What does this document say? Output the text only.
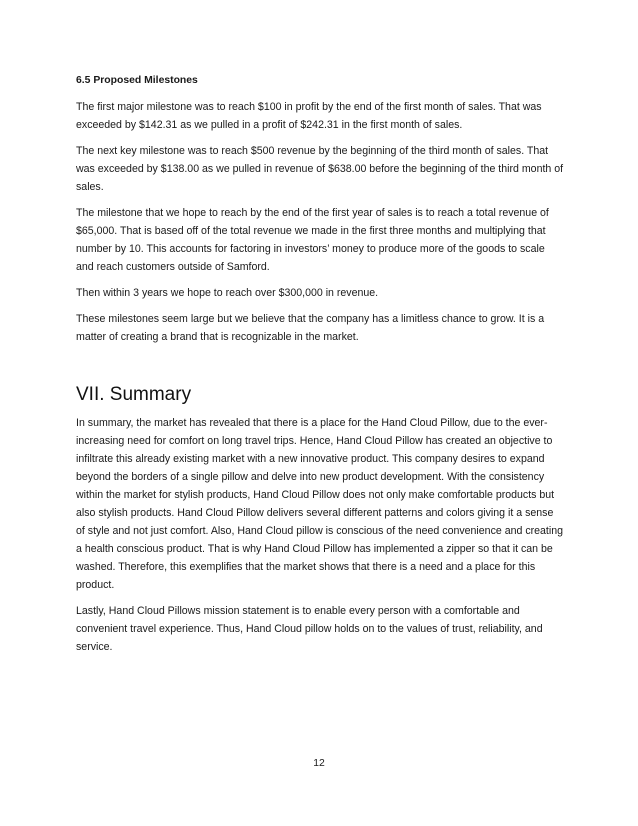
6.5 Proposed Milestones

The first major milestone was to reach $100 in profit by the end of the first month of sales. That was exceeded by $142.31 as we pulled in a profit of $242.31 in the first month of sales.

The next key milestone was to reach $500 revenue by the beginning of the third month of sales. That was exceeded by $138.00 as we pulled in revenue of $638.00 before the beginning of the third month of sales.

The milestone that we hope to reach by the end of the first year of sales is to reach a total revenue of $65,000. That is based off of the total revenue we made in the first three months and multiplying that number by 10. This accounts for factoring in investors’ money to produce more of the goods to scale and reach customers outside of Samford.

Then within 3 years we hope to reach over $300,000 in revenue.

These milestones seem large but we believe that the company has a limitless chance to grow. It is a matter of creating a brand that is recognizable in the market.

VII. Summary

In summary, the market has revealed that there is a place for the Hand Cloud Pillow, due to the ever-increasing need for comfort on long travel trips. Hence, Hand Cloud Pillow has created an objective to infiltrate this already existing market with a new innovative product. This company desires to expand beyond the borders of a single pillow and delve into new product development. With the consistency within the market for stylish products, Hand Cloud Pillow does not only make comfortable products but also stylish products. Hand Cloud Pillow delivers several different patterns and colors giving it a sense of style and not just comfort. Also, Hand Cloud pillow is conscious of the need convenience and creating a health conscious product. That is why Hand Cloud Pillow has implemented a zipper so that it can be washed. Therefore, this exemplifies that the market shows that there is a need and a place for this product.

Lastly, Hand Cloud Pillows mission statement is to enable every person with a comfortable and convenient travel experience. Thus, Hand Cloud pillow holds on to the values of trust, reliability, and service.

12
